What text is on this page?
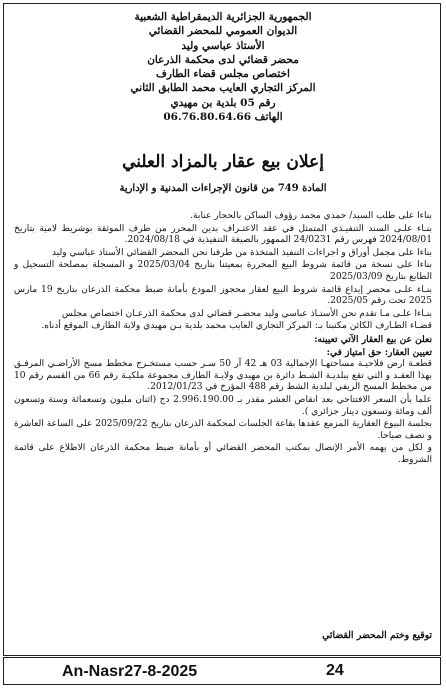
الجمهورية الجزائرية الديمقراطية الشعبية
الديوان العمومي للمحضر القضائي
الأستاذ عباسي وليد
محضر قضائي لدى محكمة الذرعان
اختصاص مجلس قضاء الطارف
المركز التجاري العايب محمد الطابق الثاني
رقم 05 بلدية بن مهيدي
الهاتف 06.76.80.64.66
إعلان بيع عقار بالمزاد العلني
المادة 749 من قانون الإجراءات المدنية و الإدارية

بناءا على طلب السيد/ حمدي محمد رؤوف الساكن بالحجار عنابة.

بنـاء علـى السند التنفيـذي المتمثل في عقد الاعتـراف بدين المحرر من طرف الموثقة بوشريط لامية بتاريخ 2024/08/01 فهرس رقم 24/0231 الممهور بالصيغة التنفيذية في 2024/08/18.

بناءا على مجمل أوراق و اجراءات التنفيذ المتخذة من طرفنا نحن المحضر القضائي الأستاذ عباسي وليد

بناءا على نسخة من قائمة شروط البيع المحررة بمعيتنا بتاريخ 2025/03/04 و المسجلة بمصلحة التسجيل و الطابع بتاريخ 2025/03/09

بنـاء علـى محضر إيداع قائمة شروط البيع لعقار محجوز المودع بأمانة ضبط محكمة الذرعان بتاريخ 19 مارس 2025 تحت رقم 2025/05.

بنـاءا علـى مـا تقدم نحن الأستـاذ عباسي وليد محضـر قضائي لدى محكمة الذرعـان اختصاص مجلس

قضـاء الطـارف الكائن مكتبنا بـ: المركز التجاري العايب محمد بلدية بـن مهيدي ولاية الطارف الموقع أدناه.

نعلن عن بيع العقار الآتي تعيينه:

تعيين العقار: حق امتياز في:

قطعـة ارض فلاحيـة مساحتهـا الإجمالية 03 هـ 42 آر 50 سـر حسب مستخـرج مخطط مسح الأراضـي المرفـق بهذا العقـد و التي تقع ببلديـة الشـط دائرة بن مهيدي ولايـة الطارف مجموعة ملكيـة رقم 66 من القسم رقم 10 من مخطط المسح الريفي لبلدية الشط رقم 488 المؤرخ في 2012/01/23.

علما بأن السعر الافتتاحي بعد انقاص العشر مقدر بـ 2.996.190.00 دج (اثنان مليون وتسعمائة وستة وتسعون ألف ومائة وتسعون دينار جزائري ).

بجلسة البيوع العقارية المزمع عقدها بقاعة الجلسات لمحكمة الذرعان بتاريخ 2025/09/22 على الساعة العاشرة و نصف صباحا.

و لكل من يهمه الأمر الإتصال بمكتب المحضر القضائي أو بأمانة ضبط محكمة الذرعان الاطلاع على قائمة الشروط.

توقيع وختم المحضر القضائي
An-Nasr27-8-2025	24
